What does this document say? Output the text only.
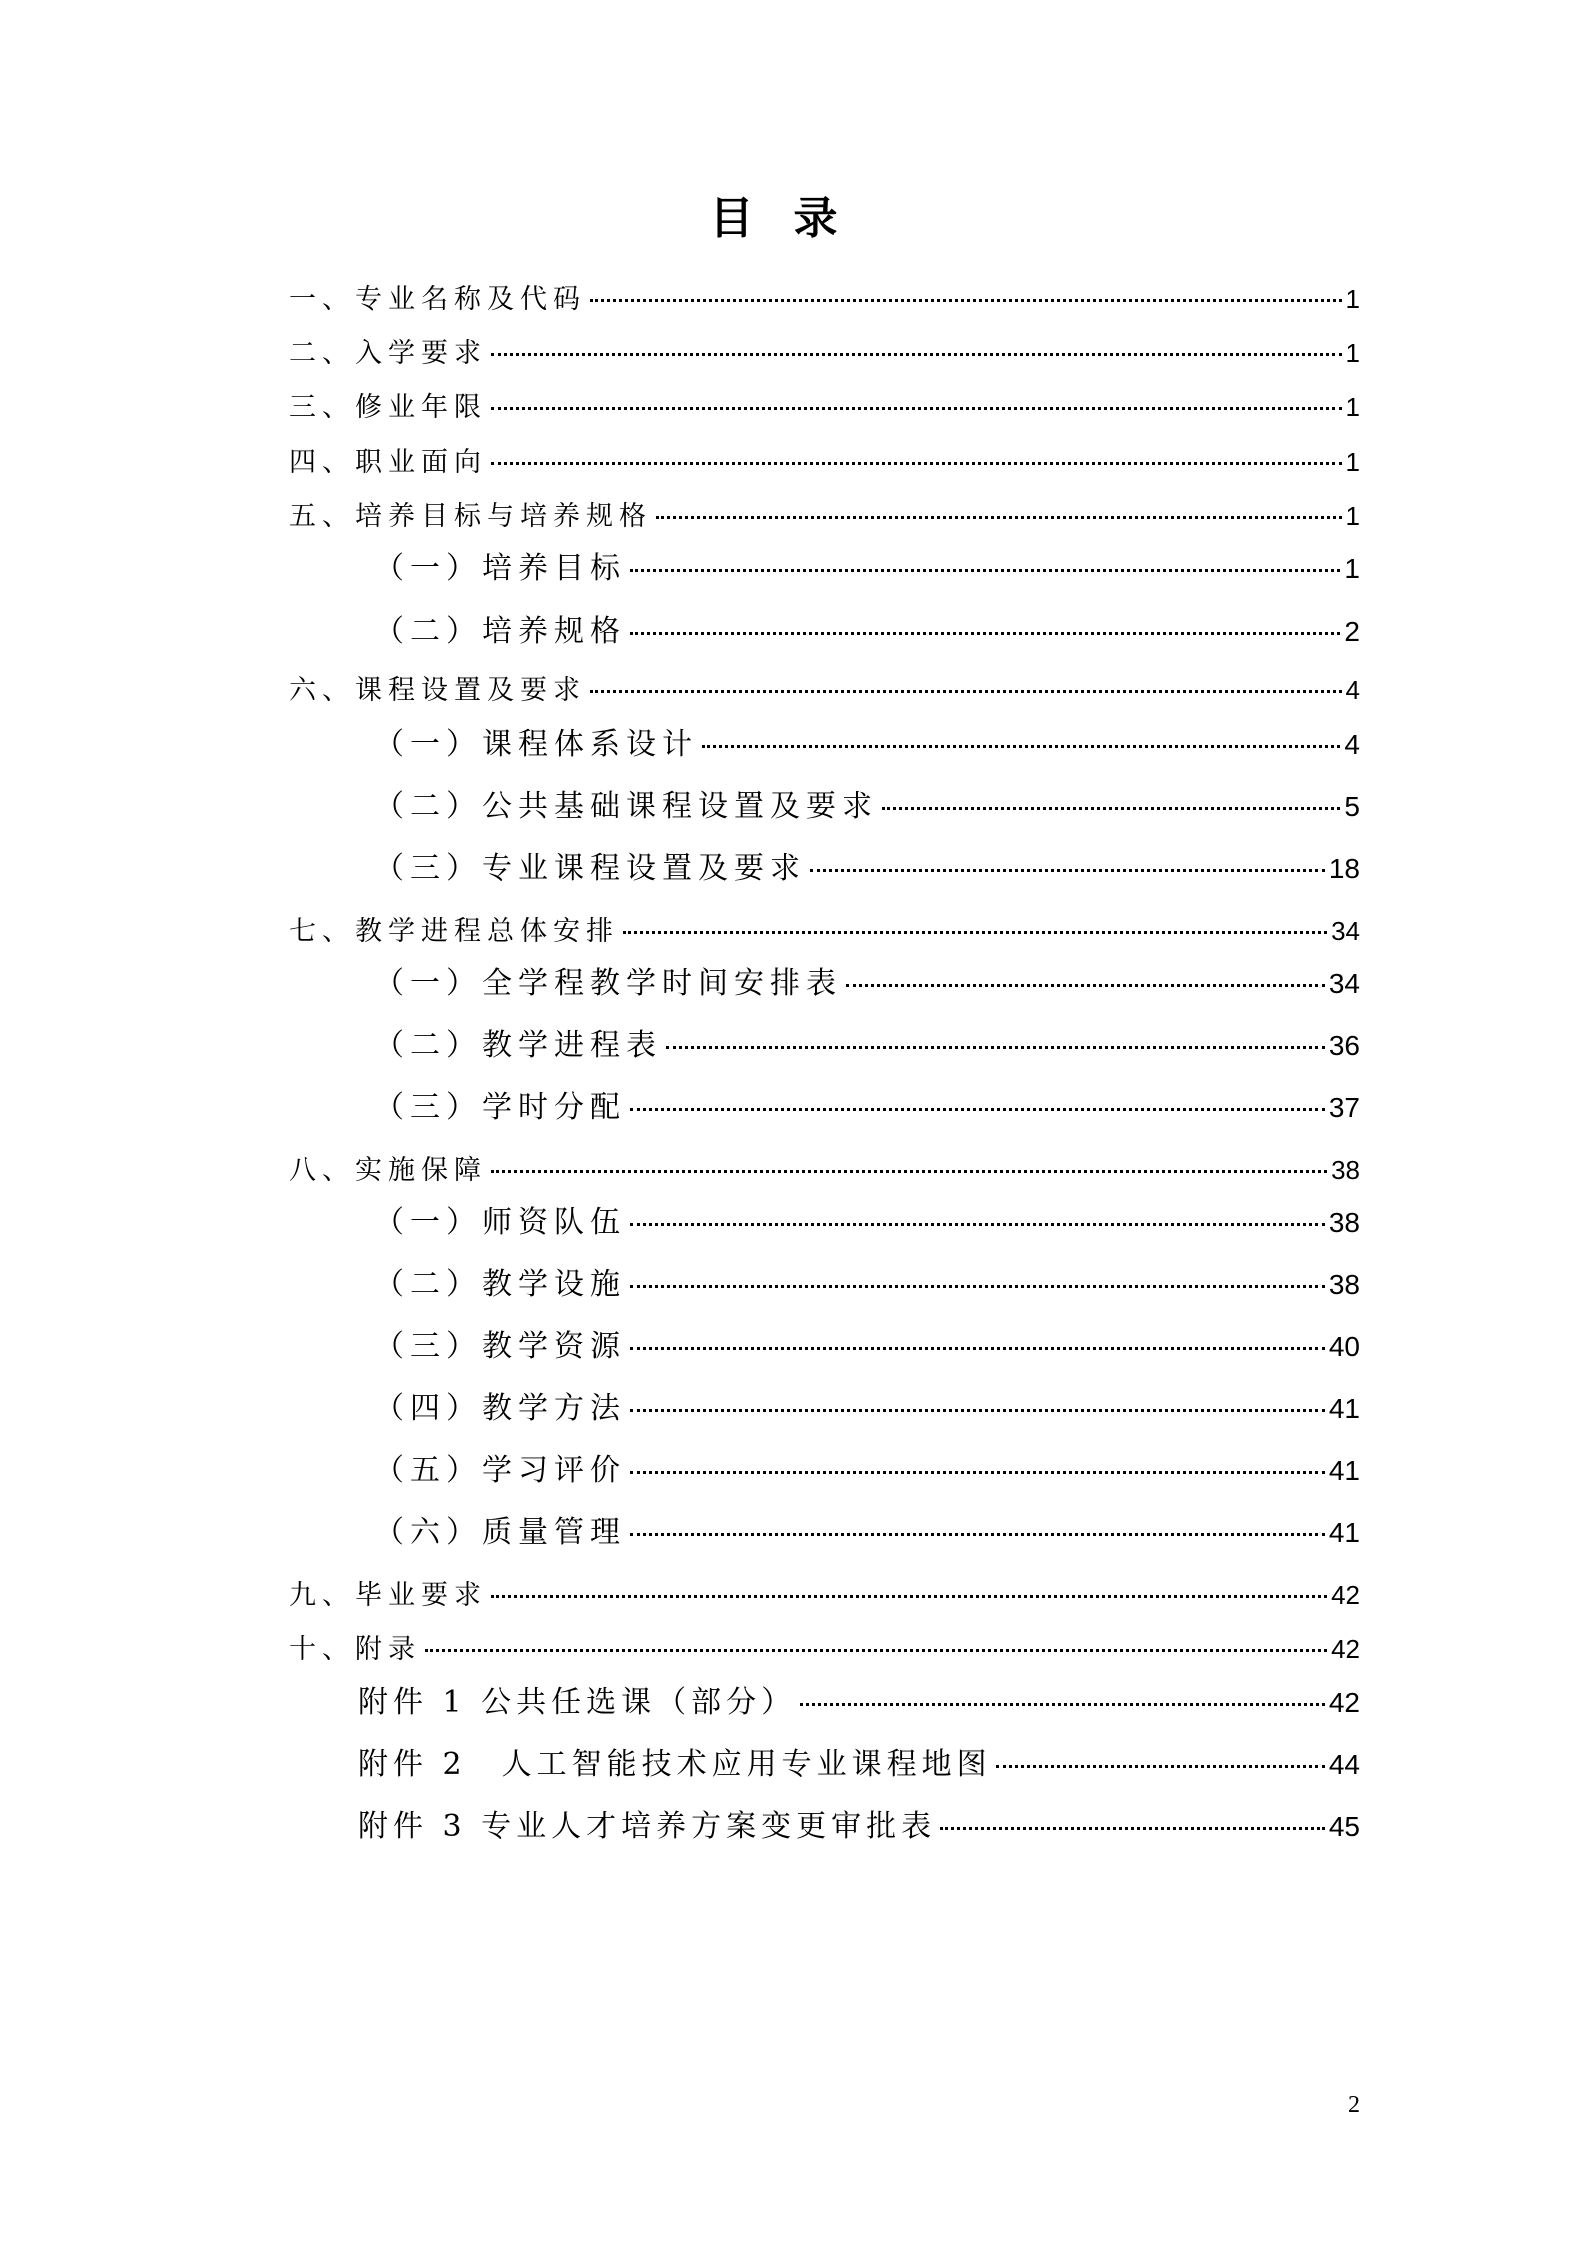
目录
一、专业名称及代码	1
二、入学要求	1
三、修业年限	1
四、职业面向	1
五、培养目标与培养规格	1
（一）培养目标	1
（二）培养规格	2
六、课程设置及要求	4
（一）课程体系设计	4
（二）公共基础课程设置及要求	5
（三）专业课程设置及要求	18
七、教学进程总体安排	34
（一）全学程教学时间安排表	34
（二）教学进程表	36
（三）学时分配	37
八、实施保障	38
（一）师资队伍	38
（二）教学设施	38
（三）教学资源	40
（四）教学方法	41
（五）学习评价	41
（六）质量管理	41
九、毕业要求	42
十、附录	42
附件 1 公共任选课（部分）	42
附件 2　人工智能技术应用专业课程地图	44
附件 3 专业人才培养方案变更审批表	45
2
